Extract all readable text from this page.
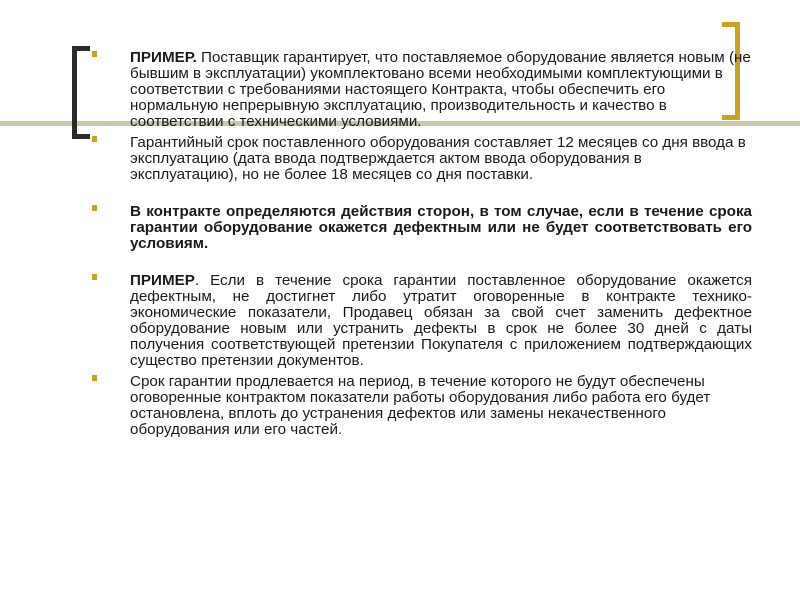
ПРИМЕР. Поставщик гарантирует, что поставляемое оборудование является новым (не бывшим в эксплуатации) укомплектовано всеми необходимыми комплектующими в соответствии с требованиями настоящего Контракта, чтобы обеспечить его нормальную непрерывную эксплуатацию, производительность и качество в соответствии с техническими условиями.

Гарантийный срок поставленного оборудования составляет 12 месяцев со дня ввода в эксплуатацию (дата ввода подтверждается актом ввода оборудования в эксплуатацию), но не более 18 месяцев со дня поставки.

В контракте определяются действия сторон, в том случае, если в течение срока гарантии оборудование окажется дефектным или не будет соответствовать его условиям.

ПРИМЕР. Если в течение срока гарантии поставленное оборудование окажется дефектным, не достигнет либо утратит оговоренные в контракте технико-экономические показатели, Продавец обязан за свой счет заменить дефектное оборудование новым или устранить дефекты в срок не более 30 дней с даты получения соответствующей претензии Покупателя с приложением подтверждающих существо претензии документов.

Срок гарантии продлевается на период, в течение которого не будут обеспечены оговоренные контрактом показатели работы оборудования либо работа его будет остановлена, вплоть до устранения дефектов или замены некачественного оборудования или его частей.
